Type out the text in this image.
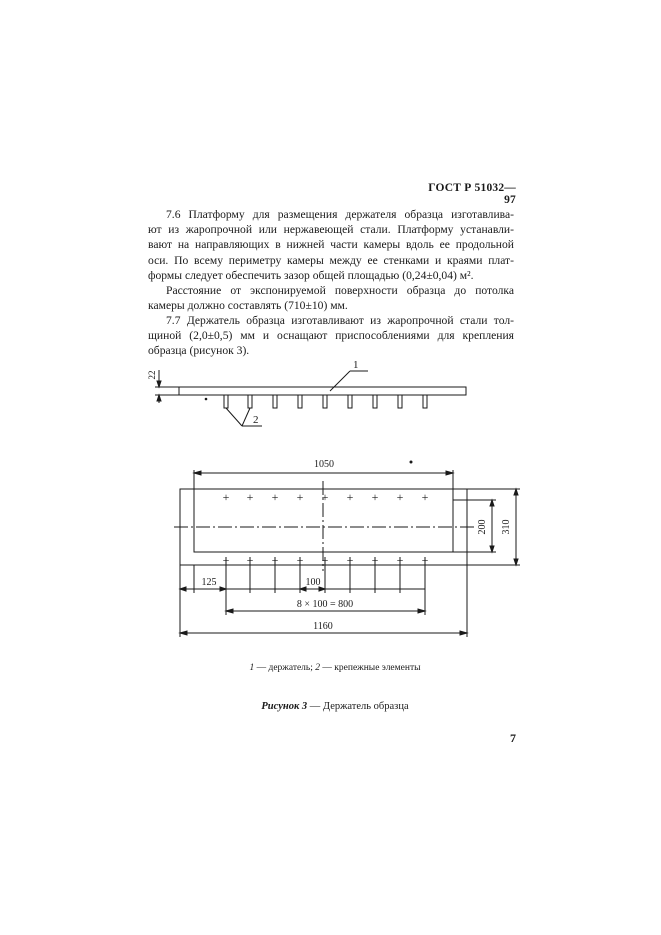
ГОСТ Р 51032—97
7.6 Платформу для размещения держателя образца изготавлива-
ют из жаропрочной или нержавеющей стали. Платформу устанавли-
вают на направляющих в нижней части камеры вдоль ее продольной
оси. По всему периметру камеры между ее стенками и краями плат-
формы следует обеспечить зазор общей площадью (0,24±0,04) м².
Расстояние от экспонируемой поверхности образца до потолка
камеры должно составлять (710±10) мм.
7.7 Держатель образца изготавливают из жаропрочной стали тол-
щиной (2,0±0,5) мм и оснащают приспособлениями для крепления
образца (рисунок 3).
+ + + + + + + + +
+ + + + + + + + +
22
1
2
1050
200 310
125	100
8 × 100 = 800
1160
1 — держатель; 2 — крепежные элементы
Рисунок 3 — Держатель образца
7
